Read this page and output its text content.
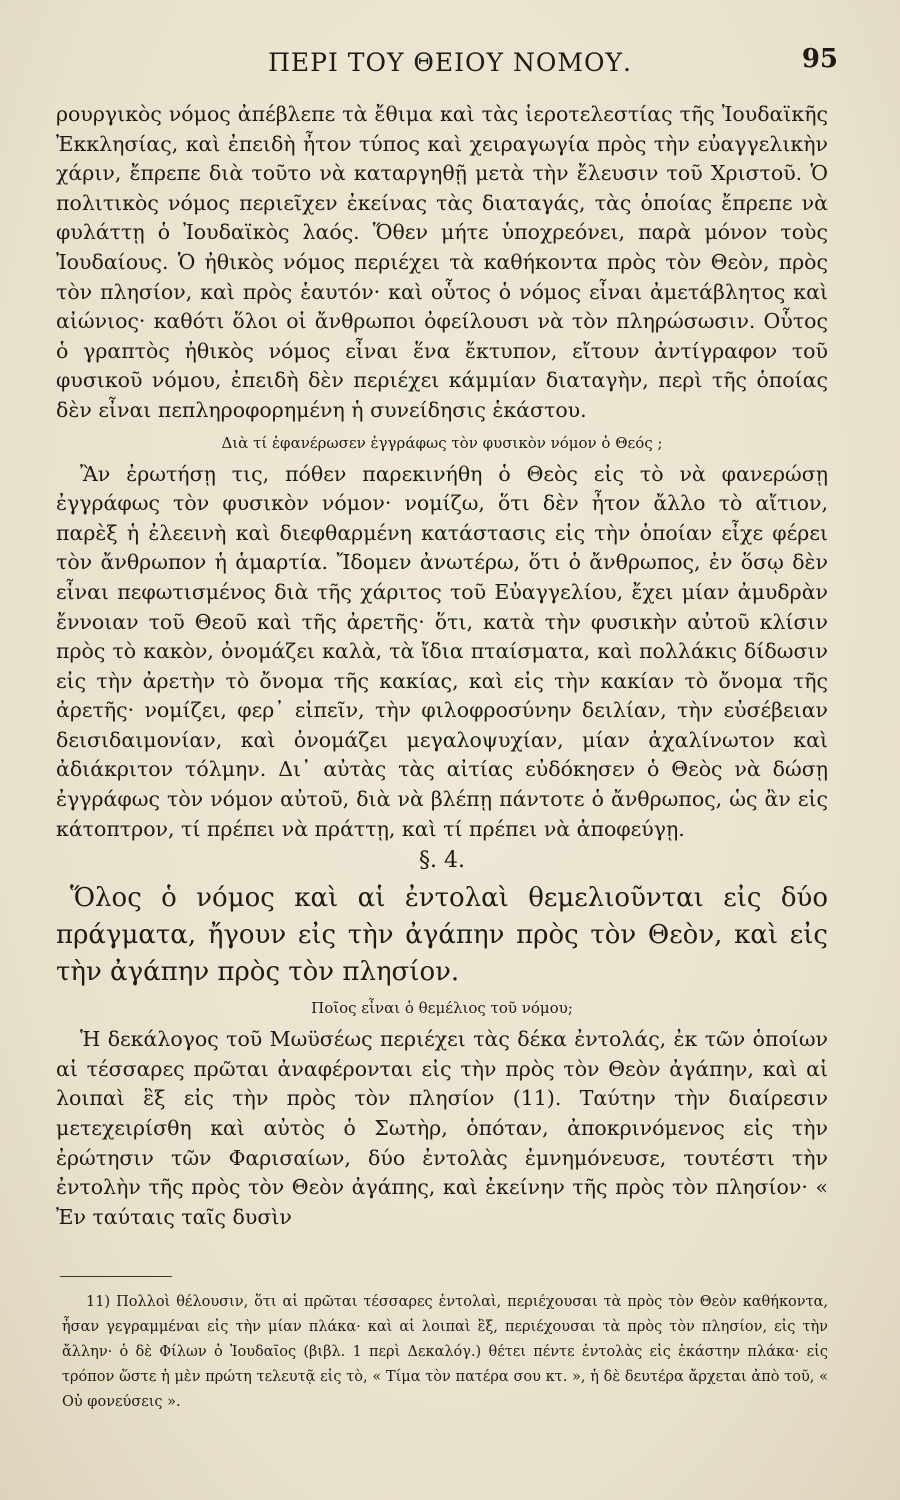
ΠΕΡΙ ΤΟΥ ΘΕΙΟΥ ΝΟΜΟΥ.	95

ρουργικὸς νόμος ἀπέβλεπε τὰ ἔθιμα καὶ τὰς ἱεροτελεστίας τῆς Ἰουδαϊκῆς Ἐκκλησίας, καὶ ἐπειδὴ ἦτον τύπος καὶ χειραγωγία πρὸς τὴν εὐαγγελικὴν χάριν, ἔπρεπε διὰ τοῦτο νὰ καταργηθῇ μετὰ τὴν ἔλευσιν τοῦ Χριστοῦ. Ὁ πολιτικὸς νόμος περιεῖχεν ἐκείνας τὰς διαταγάς, τὰς ὁποίας ἔπρεπε νὰ φυλάττῃ ὁ Ἰουδαϊκὸς λαός. Ὅθεν μήτε ὑποχρεόνει, παρὰ μόνον τοὺς Ἰουδαίους. Ὁ ἠθικὸς νόμος περιέχει τὰ καθήκοντα πρὸς τὸν Θεὸν, πρὸς τὸν πλησίον, καὶ πρὸς ἑαυτόν· καὶ οὗτος ὁ νόμος εἶναι ἀμετάβλητος καὶ αἰώνιος· καθότι ὅλοι οἱ ἄνθρωποι ὀφείλουσι νὰ τὸν πληρώσωσιν. Οὗτος ὁ γραπτὸς ἠθικὸς νόμος εἶναι ἕνα ἔκτυπον, εἴτουν ἀντίγραφον τοῦ φυσικοῦ νόμου, ἐπειδὴ δὲν περιέχει κάμμίαν διαταγὴν, περὶ τῆς ὁποίας δὲν εἶναι πεπληροφορημένη ἡ συνείδησις ἑκάστου.

Διὰ τί ἐφανέρωσεν ἐγγράφως τὸν φυσικὸν νόμον ὁ Θεός ;

Ἂν ἐρωτήσῃ τις, πόθεν παρεκινήθη ὁ Θεὸς εἰς τὸ νὰ φανερώσῃ ἐγγράφως τὸν φυσικὸν νόμον· νομίζω, ὅτι δὲν ἦτον ἄλλο τὸ αἴτιον, παρὲξ ἡ ἐλεεινὴ καὶ διεφθαρμένη κατάστασις εἰς τὴν ὁποίαν εἶχε φέρει τὸν ἄνθρωπον ἡ ἁμαρτία. Ἴδομεν ἀνωτέρω, ὅτι ὁ ἄνθρωπος, ἐν ὅσῳ δὲν εἶναι πεφωτισμένος διὰ τῆς χάριτος τοῦ Εὐαγγελίου, ἔχει μίαν ἀμυδρὰν ἔννοιαν τοῦ Θεοῦ καὶ τῆς ἀρετῆς· ὅτι, κατὰ τὴν φυσικὴν αὐτοῦ κλίσιν πρὸς τὸ κακὸν, ὀνομάζει καλὰ, τὰ ἴδια πταίσματα, καὶ πολλάκις δίδωσιν εἰς τὴν ἀρετὴν τὸ ὄνομα τῆς κακίας, καὶ εἰς τὴν κακίαν τὸ ὄνομα τῆς ἀρετῆς· νομίζει, φερ᾽ εἰπεῖν, τὴν φιλοφροσύνην δειλίαν, τὴν εὐσέβειαν δεισιδαιμονίαν, καὶ ὀνομάζει μεγαλοψυχίαν, μίαν ἀχαλίνωτον καὶ ἀδιάκριτον τόλμην. Δι᾽ αὐτὰς τὰς αἰτίας εὐδόκησεν ὁ Θεὸς νὰ δώσῃ ἐγγράφως τὸν νόμον αὐτοῦ, διὰ νὰ βλέπῃ πάντοτε ὁ ἄνθρωπος, ὡς ἂν εἰς κάτοπτρον, τί πρέπει νὰ πράττῃ, καὶ τί πρέπει νὰ ἀποφεύγῃ.

§. 4.

Ὅλος ὁ νόμος καὶ αἱ ἐντολαὶ θεμελιοῦνται εἰς δύο πράγματα, ἤγουν εἰς τὴν ἀγάπην πρὸς τὸν Θεὸν, καὶ εἰς τὴν ἀγάπην πρὸς τὸν πλησίον.

Ποῖος εἶναι ὁ θεμέλιος τοῦ νόμου;

Ἡ δεκάλογος τοῦ Μωϋσέως περιέχει τὰς δέκα ἐντολάς, ἐκ τῶν ὁποίων αἱ τέσσαρες πρῶται ἀναφέρονται εἰς τὴν πρὸς τὸν Θεὸν ἀγάπην, καὶ αἱ λοιπαὶ ἓξ εἰς τὴν πρὸς τὸν πλησίον (11). Ταύτην τὴν διαίρεσιν μετεχειρίσθη καὶ αὐτὸς ὁ Σωτὴρ, ὁπόταν, ἀποκρινόμενος εἰς τὴν ἐρώτησιν τῶν Φαρισαίων, δύο ἐντολὰς ἐμνημόνευσε, τουτέστι τὴν ἐντολὴν τῆς πρὸς τὸν Θεὸν ἀγάπης, καὶ ἐκείνην τῆς πρὸς τὸν πλησίον· « Ἐν ταύταις ταῖς δυσὶν

11) Πολλοὶ θέλουσιν, ὅτι αἱ πρῶται τέσσαρες ἐντολαὶ, περιέχουσαι τὰ πρὸς τὸν Θεὸν καθήκοντα, ἦσαν γεγραμμέναι εἰς τὴν μίαν πλάκα· καὶ αἱ λοιπαὶ ἓξ, περιέχουσαι τὰ πρὸς τὸν πλησίον, εἰς τὴν ἄλλην· ὁ δὲ Φίλων ὁ Ἰουδαῖος (βιβλ. 1 περὶ Δεκαλόγ.) θέτει πέντε ἐντολὰς εἰς ἑκάστην πλάκα· εἰς τρόπον ὥστε ἡ μὲν πρώτη τελευτᾷ εἰς τὸ, « Τίμα τὸν πατέρα σου κτ. », ἡ δὲ δευτέρα ἄρχεται ἀπὸ τοῦ, « Οὐ φονεύσεις ».
